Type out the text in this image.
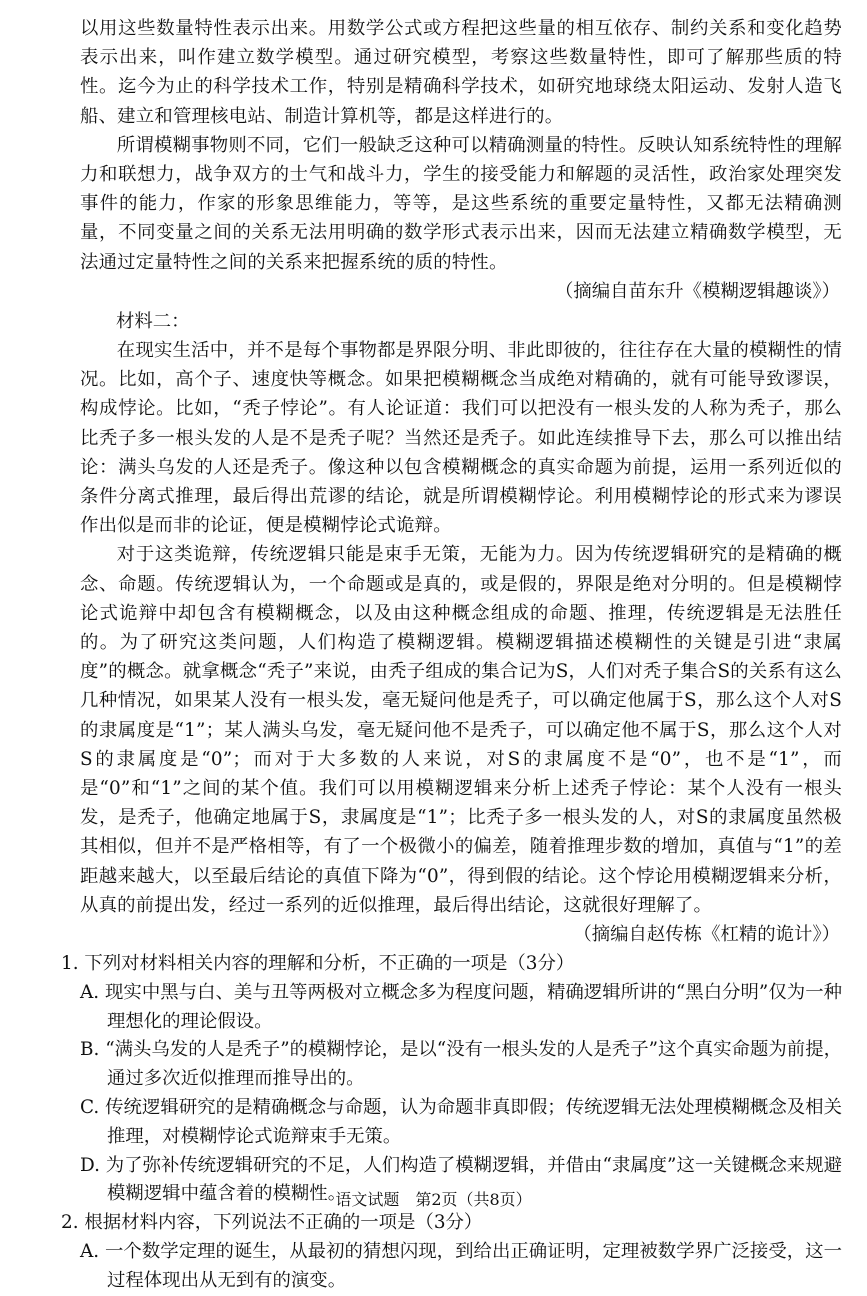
以用这些数量特性表示出来。用数学公式或方程把这些量的相互依存、制约关系和变化趋势表示出来，叫作建立数学模型。通过研究模型，考察这些数量特性，即可了解那些质的特性。迄今为止的科学技术工作，特别是精确科学技术，如研究地球绕太阳运动、发射人造飞船、建立和管理核电站、制造计算机等，都是这样进行的。

所谓模糊事物则不同，它们一般缺乏这种可以精确测量的特性。反映认知系统特性的理解力和联想力，战争双方的士气和战斗力，学生的接受能力和解题的灵活性，政治家处理突发事件的能力，作家的形象思维能力，等等，是这些系统的重要定量特性，又都无法精确测量，不同变量之间的关系无法用明确的数学形式表示出来，因而无法建立精确数学模型，无法通过定量特性之间的关系来把握系统的质的特性。

（摘编自苗东升《模糊逻辑趣谈》）

材料二：

在现实生活中，并不是每个事物都是界限分明、非此即彼的，往往存在大量的模糊性的情况。比如，高个子、速度快等概念。如果把模糊概念当成绝对精确的，就有可能导致谬误，构成悖论。比如，“秃子悖论”。有人论证道：我们可以把没有一根头发的人称为秃子，那么比秃子多一根头发的人是不是秃子呢？当然还是秃子。如此连续推导下去，那么可以推出结论：满头乌发的人还是秃子。像这种以包含模糊概念的真实命题为前提，运用一系列近似的条件分离式推理，最后得出荒谬的结论，就是所谓模糊悖论。利用模糊悖论的形式来为谬误作出似是而非的论证，便是模糊悖论式诡辩。

对于这类诡辩，传统逻辑只能是束手无策，无能为力。因为传统逻辑研究的是精确的概念、命题。传统逻辑认为，一个命题或是真的，或是假的，界限是绝对分明的。但是模糊悖论式诡辩中却包含有模糊概念，以及由这种概念组成的命题、推理，传统逻辑是无法胜任的。为了研究这类问题，人们构造了模糊逻辑。模糊逻辑描述模糊性的关键是引进“隶属度”的概念。就拿概念“秃子”来说，由秃子组成的集合记为S，人们对秃子集合S的关系有这么几种情况，如果某人没有一根头发，毫无疑问他是秃子，可以确定他属于S，那么这个人对S的隶属度是“1”；某人满头乌发，毫无疑问他不是秃子，可以确定他不属于S，那么这个人对S的隶属度是“0”；而对于大多数的人来说，对S的隶属度不是“0”，也不是“1”，而是“0”和“1”之间的某个值。我们可以用模糊逻辑来分析上述秃子悖论：某个人没有一根头发，是秃子，他确定地属于S，隶属度是“1”；比秃子多一根头发的人，对S的隶属度虽然极其相似，但并不是严格相等，有了一个极微小的偏差，随着推理步数的增加，真值与“1”的差距越来越大，以至最后结论的真值下降为“0”，得到假的结论。这个悖论用模糊逻辑来分析，从真的前提出发，经过一系列的近似推理，最后得出结论，这就很好理解了。

（摘编自赵传栋《杠精的诡计》）

1. 下列对材料相关内容的理解和分析，不正确的一项是（3分）

A. 现实中黑与白、美与丑等两极对立概念多为程度问题，精确逻辑所讲的“黑白分明”仅为一种理想化的理论假设。

B. “满头乌发的人是秃子”的模糊悖论，是以“没有一根头发的人是秃子”这个真实命题为前提，通过多次近似推理而推导出的。

C. 传统逻辑研究的是精确概念与命题，认为命题非真即假；传统逻辑无法处理模糊概念及相关推理，对模糊悖论式诡辩束手无策。

D. 为了弥补传统逻辑研究的不足，人们构造了模糊逻辑，并借由“隶属度”这一关键概念来规避模糊逻辑中蕴含着的模糊性。

2. 根据材料内容，下列说法不正确的一项是（3分）

A. 一个数学定理的诞生，从最初的猜想闪现，到给出正确证明，定理被数学界广泛接受，这一过程体现出从无到有的演变。

语文试题　第2页（共8页）
